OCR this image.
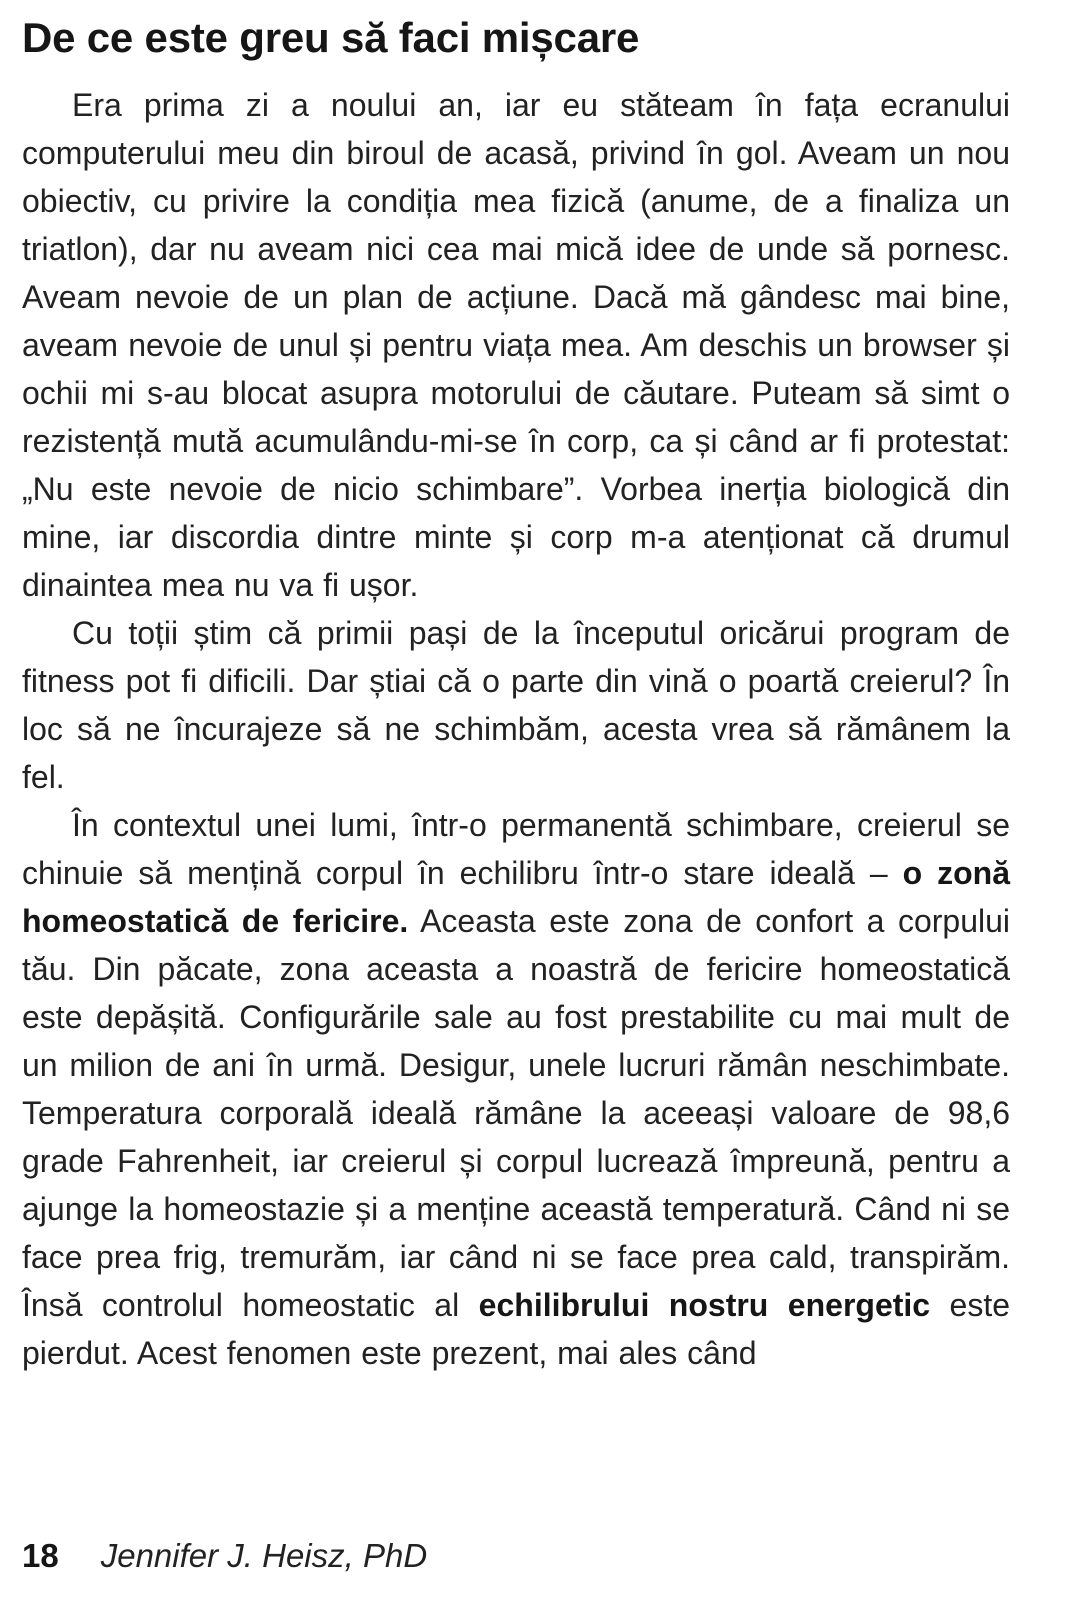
De ce este greu să faci mișcare

Era prima zi a noului an, iar eu stăteam în fața ecranului computerului meu din biroul de acasă, privind în gol. Aveam un nou obiectiv, cu privire la condiția mea fizică (anume, de a finaliza un triatlon), dar nu aveam nici cea mai mică idee de unde să pornesc. Aveam nevoie de un plan de acțiune. Dacă mă gândesc mai bine, aveam nevoie de unul și pentru viața mea. Am deschis un browser și ochii mi s-au blocat asupra motorului de căutare. Puteam să simt o rezistență mută acumulându-mi-se în corp, ca și când ar fi protestat: „Nu este nevoie de nicio schimbare”. Vorbea inerția biologică din mine, iar discordia dintre minte și corp m-a atenționat că drumul dinaintea mea nu va fi ușor.

Cu toții știm că primii pași de la începutul oricărui program de fitness pot fi dificili. Dar știai că o parte din vină o poartă creierul? În loc să ne încurajeze să ne schimbăm, acesta vrea să rămânem la fel.

În contextul unei lumi, într-o permanentă schimbare, creierul se chinuie să mențină corpul în echilibru într-o stare ideală – o zonă homeostatică de fericire. Aceasta este zona de confort a corpului tău. Din păcate, zona aceasta a noastră de fericire homeostatică este depășită. Configurările sale au fost prestabilite cu mai mult de un milion de ani în urmă. Desigur, unele lucruri rămân neschimbate. Temperatura corporală ideală rămâne la aceeași valoare de 98,6 grade Fahrenheit, iar creierul și corpul lucrează împreună, pentru a ajunge la homeostazie și a menține această temperatură. Când ni se face prea frig, tremurăm, iar când ni se face prea cald, transpirăm. Însă controlul homeostatic al echilibrului nostru energetic este pierdut. Acest fenomen este prezent, mai ales când

18 Jennifer J. Heisz, PhD
